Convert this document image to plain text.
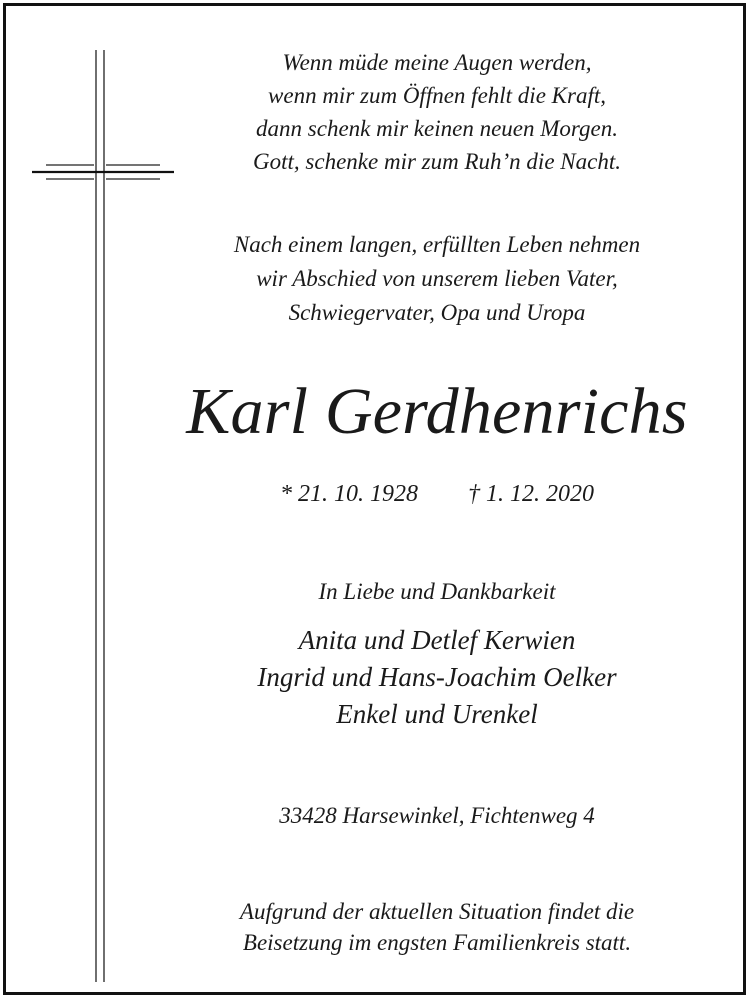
Wenn müde meine Augen werden,
wenn mir zum Öffnen fehlt die Kraft,
dann schenk mir keinen neuen Morgen.
Gott, schenke mir zum Ruh’n die Nacht.
Nach einem langen, erfüllten Leben nehmen
wir Abschied von unserem lieben Vater,
Schwiegervater, Opa und Uropa
Karl Gerdhenrichs
* 21. 10. 1928 † 1. 12. 2020
In Liebe und Dankbarkeit
Anita und Detlef Kerwien
Ingrid und Hans-Joachim Oelker
Enkel und Urenkel
33428 Harsewinkel, Fichtenweg 4
Aufgrund der aktuellen Situation findet die
Beisetzung im engsten Familienkreis statt.
